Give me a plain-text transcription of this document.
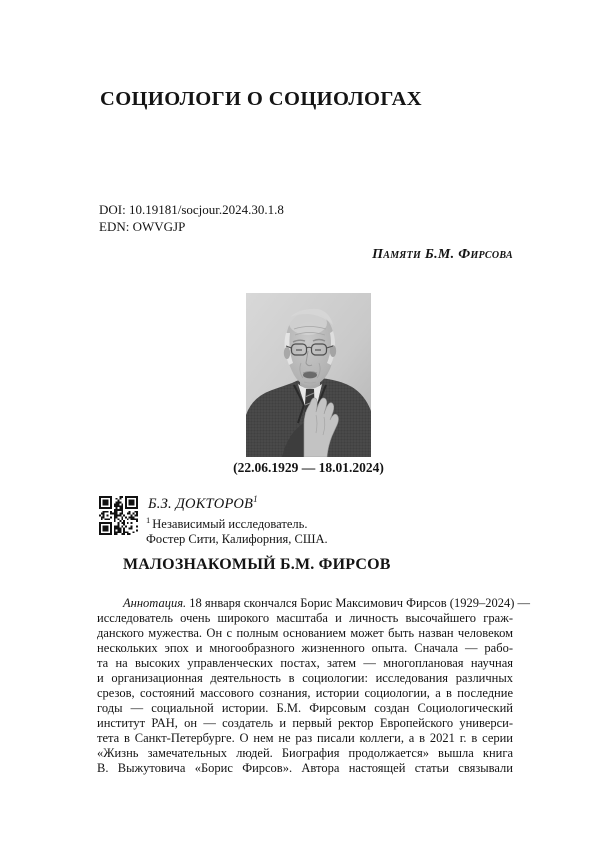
СОЦИОЛОГИ О СОЦИОЛОГАХ
DOI: 10.19181/socjour.2024.30.1.8
EDN: OWVGJP
Памяти Б.М. Фирсова
(22.06.1929 — 18.01.2024)
Б.З. ДОКТОРОВ$^1$
$^1$ Независимый исследователь.
Фостер Сити, Калифорния, США.
МАЛОЗНАКОМЫЙ Б.М. ФИРСОВ
Аннотация. 18 января скончался Борис Максимович Фирсов (1929–2024) —
исследователь очень широкого масштаба и личность высочайшего граж-
данского мужества. Он с полным основанием может быть назван человеком
нескольких эпох и многообразного жизненного опыта. Сначала — рабо-
та на высоких управленческих постах, затем — многоплановая научная
и организационная деятельность в социологии: исследования различных
срезов, состояний массового сознания, истории социологии, а в последние
годы — социальной истории. Б.М. Фирсовым создан Социологический
институт РАН, он — создатель и первый ректор Европейского универси-
тета в Санкт-Петербурге. О нем не раз писали коллеги, а в 2021 г. в серии
«Жизнь замечательных людей. Биография продолжается» вышла книга
В. Выжутовича «Борис Фирсов». Автора настоящей статьи связывали
